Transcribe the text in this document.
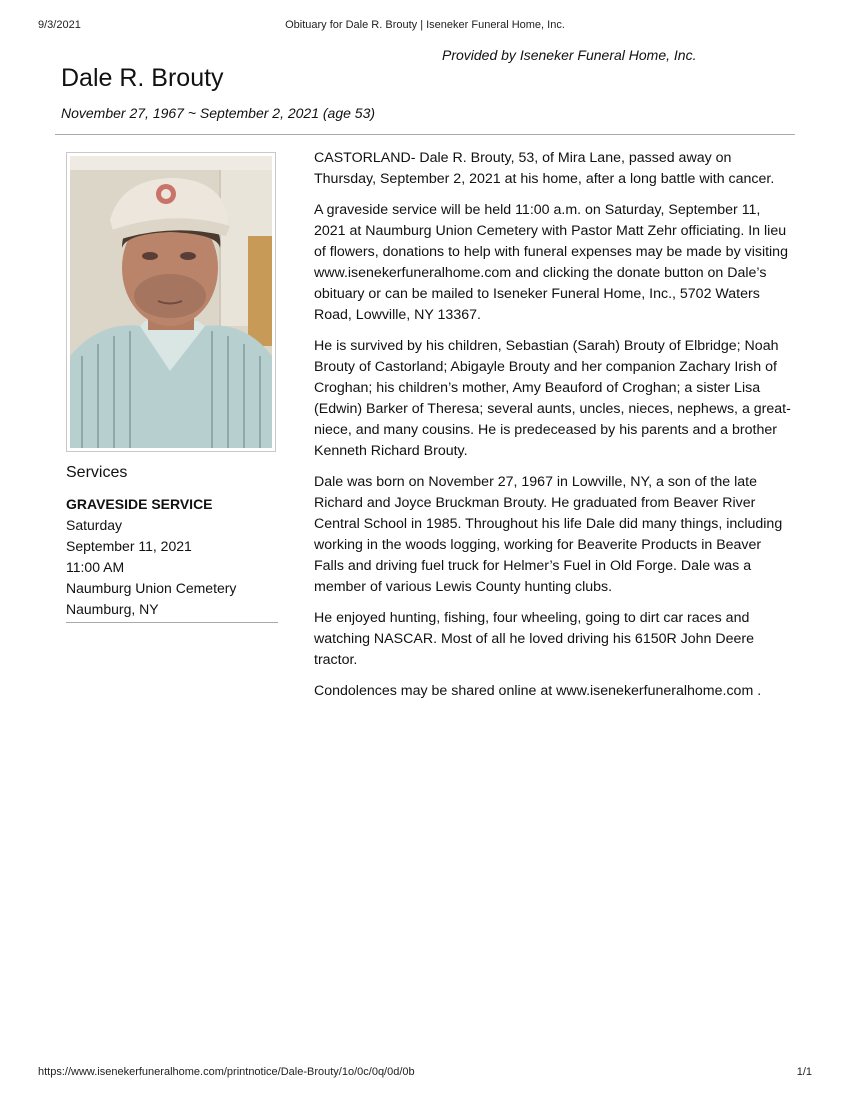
9/3/2021	Obituary for Dale R. Brouty | Iseneker Funeral Home, Inc.
Provided by Iseneker Funeral Home, Inc.
Dale R. Brouty
November 27, 1967 ~ September 2, 2021 (age 53)
Services
GRAVESIDE SERVICE
Saturday
September 11, 2021
11:00 AM
Naumburg Union Cemetery
Naumburg, NY

CASTORLAND- Dale R. Brouty, 53, of Mira Lane, passed away on Thursday, September 2, 2021 at his home, after a long battle with cancer.

A graveside service will be held 11:00 a.m. on Saturday, September 11, 2021 at Naumburg Union Cemetery with Pastor Matt Zehr officiating. In lieu of flowers, donations to help with funeral expenses may be made by visiting www.isenekerfuneralhome.com and clicking the donate button on Dale’s obituary or can be mailed to Iseneker Funeral Home, Inc., 5702 Waters Road, Lowville, NY 13367.

He is survived by his children, Sebastian (Sarah) Brouty of Elbridge; Noah Brouty of Castorland; Abigayle Brouty and her companion Zachary Irish of Croghan; his children’s mother, Amy Beauford of Croghan; a sister Lisa (Edwin) Barker of Theresa; several aunts, uncles, nieces, nephews, a great-niece, and many cousins. He is predeceased by his parents and a brother Kenneth Richard Brouty.

Dale was born on November 27, 1967 in Lowville, NY, a son of the late Richard and Joyce Bruckman Brouty. He graduated from Beaver River Central School in 1985. Throughout his life Dale did many things, including working in the woods logging, working for Beaverite Products in Beaver Falls and driving fuel truck for Helmer’s Fuel in Old Forge. Dale was a member of various Lewis County hunting clubs.

He enjoyed hunting, fishing, four wheeling, going to dirt car races and watching NASCAR. Most of all he loved driving his 6150R John Deere tractor.

Condolences may be shared online at www.isenekerfuneralhome.com .

https://www.isenekerfuneralhome.com/printnotice/Dale-Brouty/1o/0c/0q/0d/0b	1/1
